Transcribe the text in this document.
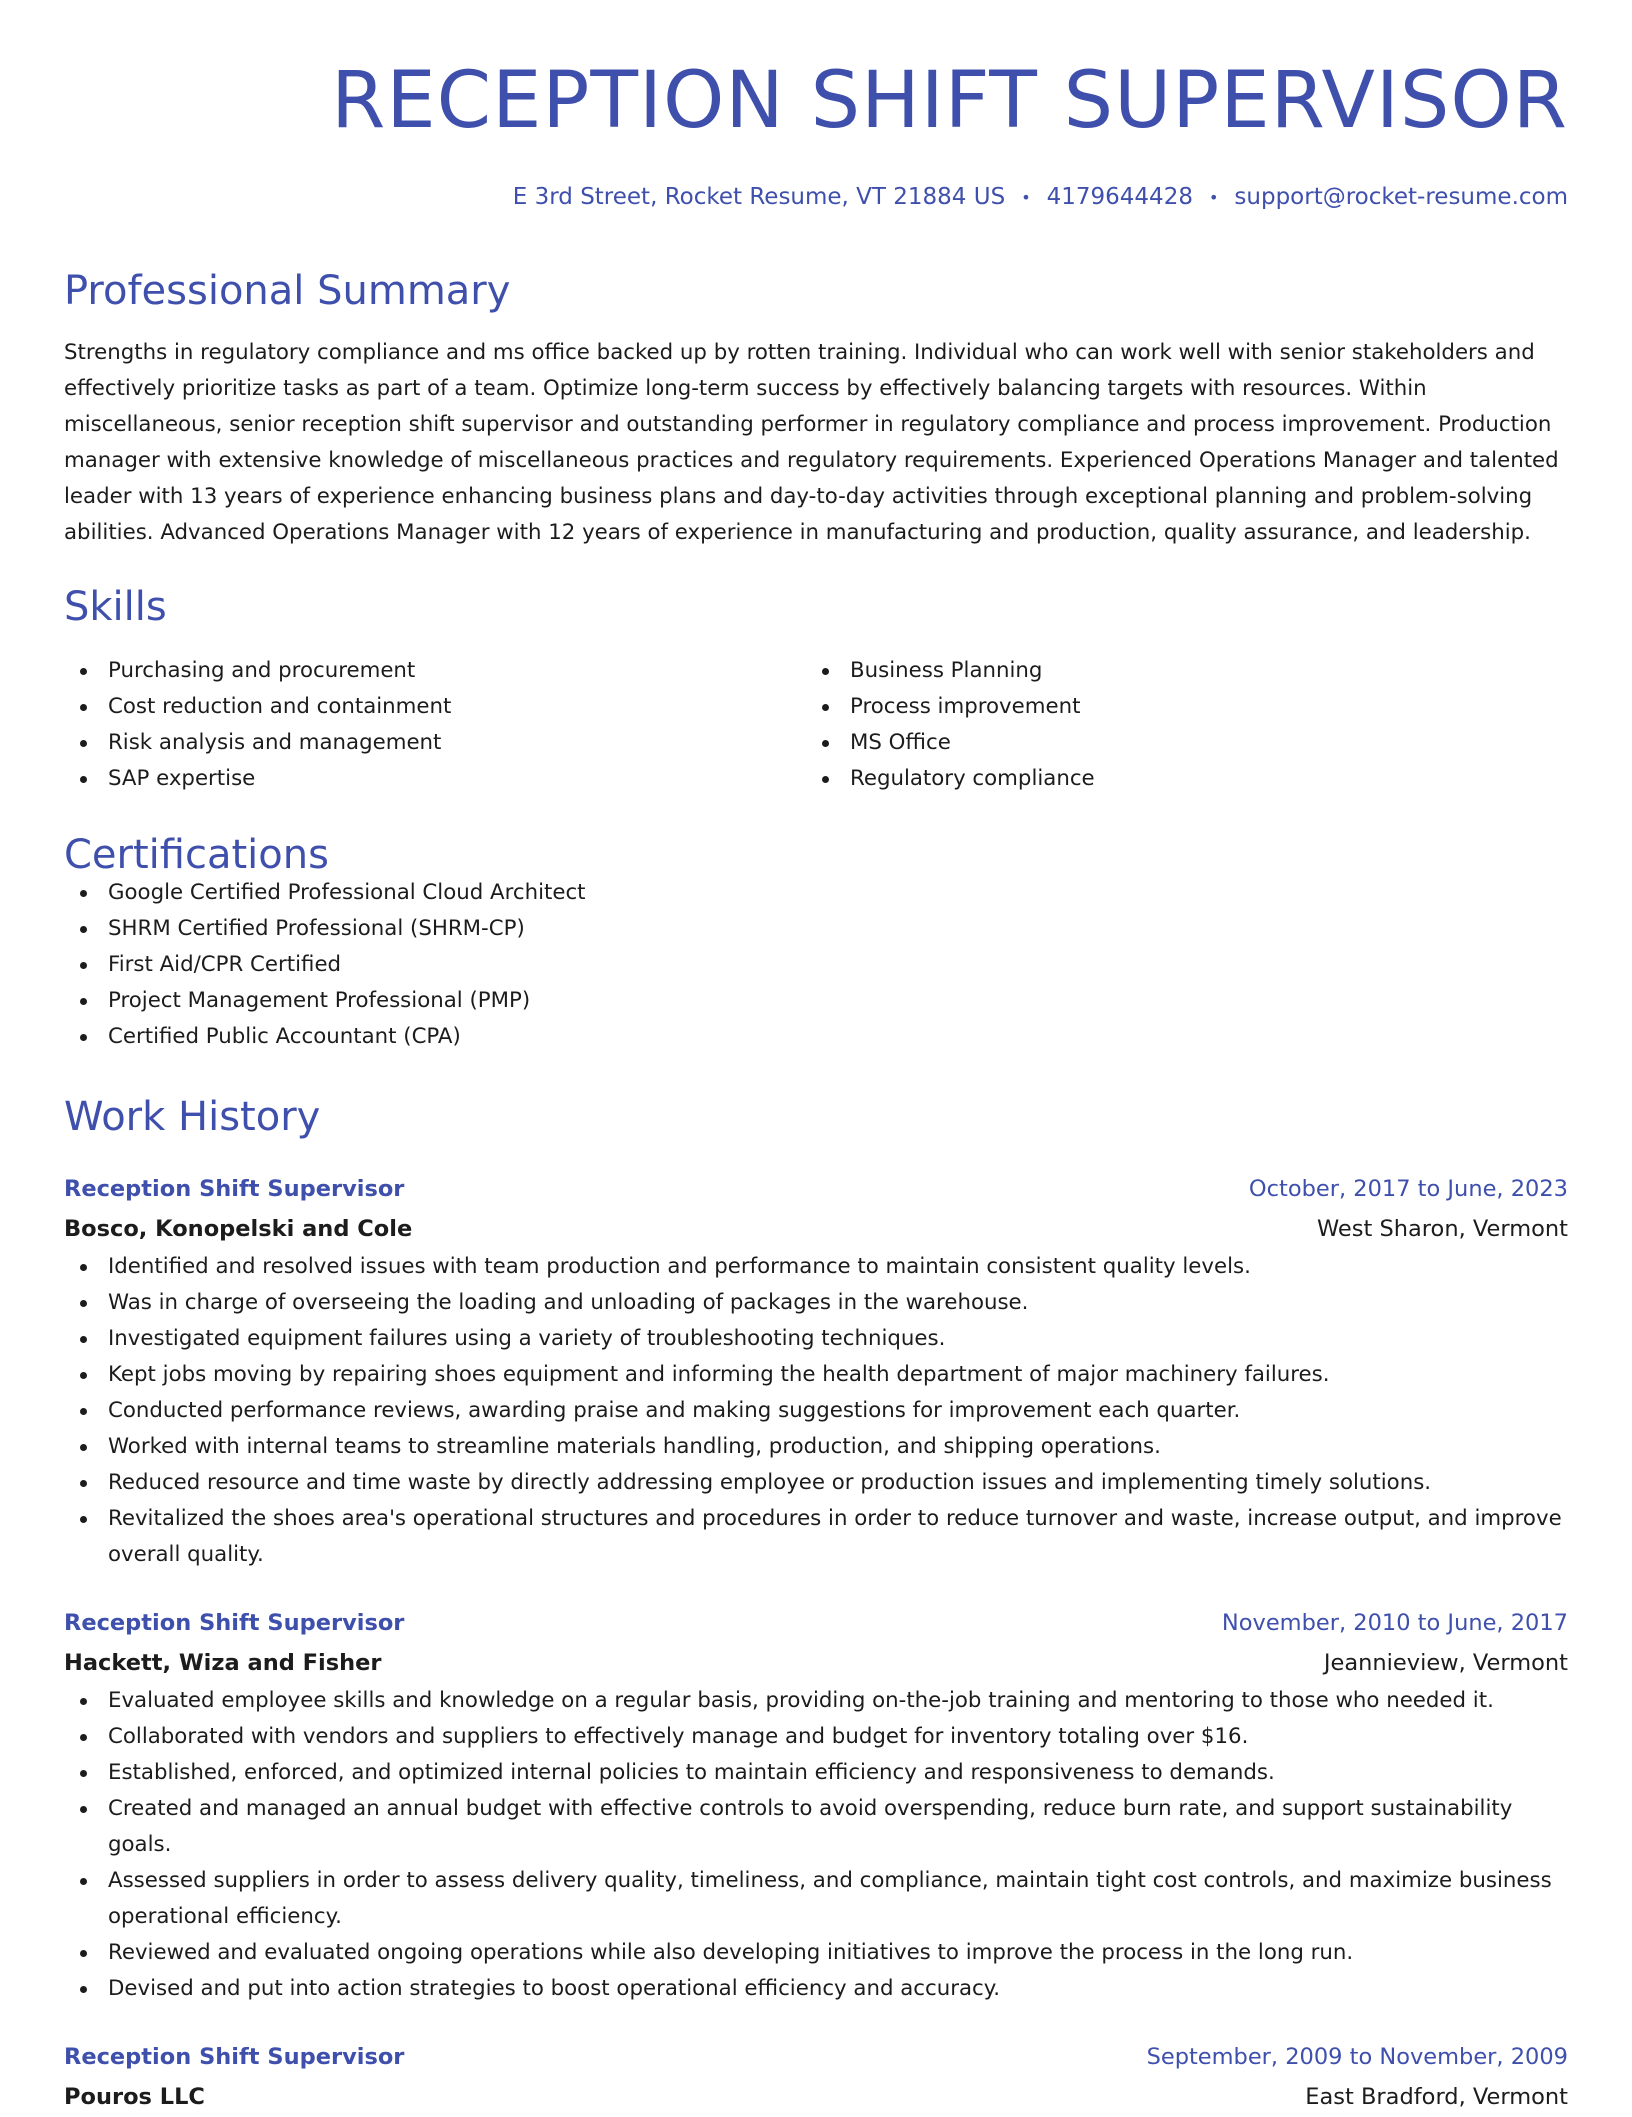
RECEPTION SHIFT SUPERVISOR
E 3rd Street, Rocket Resume, VT 21884 US • 4179644428 • support@rocket-resume.com
Professional Summary
Strengths in regulatory compliance and ms office backed up by rotten training. Individual who can work well with senior stakeholders and effectively prioritize tasks as part of a team. Optimize long-term success by effectively balancing targets with resources. Within miscellaneous, senior reception shift supervisor and outstanding performer in regulatory compliance and process improvement. Production manager with extensive knowledge of miscellaneous practices and regulatory requirements. Experienced Operations Manager and talented leader with 13 years of experience enhancing business plans and day-to-day activities through exceptional planning and problem-solving abilities. Advanced Operations Manager with 12 years of experience in manufacturing and production, quality assurance, and leadership.
Skills
Purchasing and procurement
Cost reduction and containment
Risk analysis and management
SAP expertise
Business Planning
Process improvement
MS Office
Regulatory compliance
Certifications
Google Certified Professional Cloud Architect
SHRM Certified Professional (SHRM-CP)
First Aid/CPR Certified
Project Management Professional (PMP)
Certified Public Accountant (CPA)
Work History
Reception Shift Supervisor	October, 2017 to June, 2023
Bosco, Konopelski and Cole	West Sharon, Vermont
Identified and resolved issues with team production and performance to maintain consistent quality levels.
Was in charge of overseeing the loading and unloading of packages in the warehouse.
Investigated equipment failures using a variety of troubleshooting techniques.
Kept jobs moving by repairing shoes equipment and informing the health department of major machinery failures.
Conducted performance reviews, awarding praise and making suggestions for improvement each quarter.
Worked with internal teams to streamline materials handling, production, and shipping operations.
Reduced resource and time waste by directly addressing employee or production issues and implementing timely solutions.
Revitalized the shoes area's operational structures and procedures in order to reduce turnover and waste, increase output, and improve overall quality.
Reception Shift Supervisor	November, 2010 to June, 2017
Hackett, Wiza and Fisher	Jeannieview, Vermont
Evaluated employee skills and knowledge on a regular basis, providing on-the-job training and mentoring to those who needed it.
Collaborated with vendors and suppliers to effectively manage and budget for inventory totaling over $16.
Established, enforced, and optimized internal policies to maintain efficiency and responsiveness to demands.
Created and managed an annual budget with effective controls to avoid overspending, reduce burn rate, and support sustainability goals.
Assessed suppliers in order to assess delivery quality, timeliness, and compliance, maintain tight cost controls, and maximize business operational efficiency.
Reviewed and evaluated ongoing operations while also developing initiatives to improve the process in the long run.
Devised and put into action strategies to boost operational efficiency and accuracy.
Reception Shift Supervisor	September, 2009 to November, 2009
Pouros LLC	East Bradford, Vermont
